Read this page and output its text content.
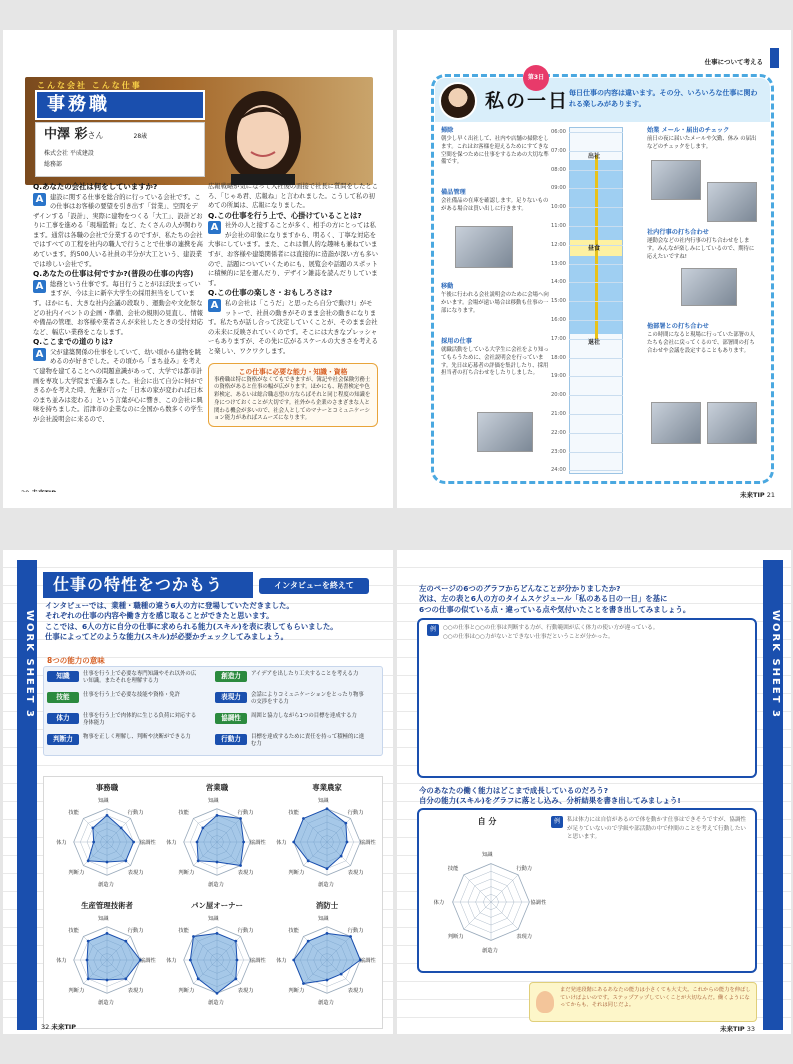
こんな会社 こんな仕事
事務職
中澤 彩さん	28歳
株式会社 平成建設
総務部
Q.あなたの会社は何をしていますか?
A	建設に関する仕事を総合的に行っている会社です。この仕事はお客様の要望を引き出す「営業」、空間をデザインする「設計」、実際に建物をつくる「大工」、設計どおりに工事を進める「現場監督」など、たくさんの人が関わります。通常は各職の会社で分業するのですが、私たちの会社ではすべての工程を社内の職人で行うことで仕事の連携を高めています。約500人いる社員の半分が大工という、建設業では珍しい会社です。
Q.あなたの仕事は何ですか?(普段の仕事の内容)
A	総務という仕事です。毎日行うことがほぼ決まっていますが、今は主に新卒大学生の採用担当をしています。ほかにも、大きな社内会議の段取り、運動会や文化祭などの社内イベントの企画・準備、会社の規則の見直し、情報や備品の管理、お客様や業者さんが来社したときの受付対応など、幅広い業務をこなします。
Q.ここまでの道のりは?
A	父が建築関係の仕事をしていて、幼い頃から建物を眺めるのが好きでした。その頃から「まち並み」を考えて建物を建てることへの問題意識があって、大学では都市計画を専攻し大学院まで進みました。社会に出て自分に何ができるかを考えた時、先輩が言った「日本の家が変われば日本のまち並みは変わる」という言葉が心に響き、この会社に興味を持ちました。沼津市の企業なのに全国から数多くの学生が会社説明会に来るので、
広報戦略が気になって入社後の面接で社長に質問をしたところ、「じゃあ君、広報ね」と言われました。こうして私の初めての所属は、広報になりました。
Q.この仕事を行う上で、心掛けていることは?
A	社外の人と接することが多く、相手の方にとっては私が会社の印象になりますから、明るく、丁寧な対応を大事にしています。また、これは個人的な趣味も兼ねていますが、お客様や建築関係者には直接的に造詣が深い方も多いので、話題についていくためにも、展覧会や話題のスポットに積極的に足を運んだり、デザイン雑誌を読んだりしています。
Q.この仕事の楽しさ・おもしろさは?
A	私の会社は「こうだ」と思ったら自分で動け!」がモットーで、社員の動きがそのまま会社の動きになります。私たちが話し合って決定していくことが、そのまま会社の未来に反映されていくのです。そこには大きなプレッシャーもありますが、その先に広がるスケールの大きさを考えると楽しい、ワクワクします。
この仕事に必要な能力・知識・資格
事務職は特に資格がなくてもできますが、簿記や社会保険労務士の資格があると仕事の幅が広がります。ほかにも、秘書検定や色彩検定、あるいは総合職志望の方ならばそれと同じ程度の知識を身につけておくことが大切です。社外から企業のさまざまな人と関わる機会が多いので、社会人としてのマナーとコミュニケーション能力があればスムーズになります。
仕事について考える
第3日
私の一日 毎日仕事の内容は違います。その分、いろいろな仕事に関われる楽しみがあります。
06:00
07:00
08:00
09:00
10:00
11:00
12:00
13:00
14:00
15:00
16:00
17:00
18:00
19:00
20:00
21:00
22:00
23:00
24:00
出社
昼食
退社
掃除
朝少し早く出社して、社内や店舗の掃除をします。これはお客様を迎えるためにすてきな空間を保つために仕事をするための大切な準備です。
備品管理
会社備品の在庫を確認します。足りないものがある場合は買い出しに行きます。
移動
午後に行われる会社説明会のために会場へ向かいます。会場が遠い場合は移動も仕事の一部になります。
採用の仕事
就職活動をしている大学生に会社をより知ってもらうために、会社説明会を行っています。先日は応募者の評価を集計したり、採用担当者の打ち合わせをしたりしました。
始業 メール・届出のチェック
前日の夜に届いたメールや欠勤、休み の届出などのチェックをします。
社内行事の打ち合わせ
運動会などの社内行事の打ち合わせをします。みんなが楽しみにしているので、期待に応えたいですね!
他部署との打ち合わせ
この時間になると現場に行っていた部署の人たちも会社に戻ってくるので、部署間の打ち合わせや会議を設定することもあります。
未来TIP 21
WORK SHEET 3
仕事の特性をつかもう	インタビューを終えて
インタビューでは、業種・職種の違う6人の方に登場していただきました。
それぞれの仕事の内容や働き方を感じ取ることができたと思います。
ここでは、6人の方に自分の仕事に求められる能力(スキル)を表に表してもらいました。
仕事によってどのような能力(スキル)が必要かチェックしてみましょう。
8つの能力の意味
知識 仕事を行う上で必要な専門知識やそれ以外の広い知識。またそれを理解する力
技能 仕事を行う上で必要な技能や資格・免許
体力 仕事を行う上で肉体的に生じる負荷に対応する身体能力
判断力 物事を正しく理解し、判断や決断ができる力
創造力 アイデアを出したり工夫することを考える力
表現力 会話によりコミュニケーションをとったり物事の交渉をする力
協調性 周囲と協力しながら1つの目標を達成する力
行動力 目標を達成するために責任を持って積極的に進む力
知識
行動力
協調性
表現力
創造力
判断力
体力
技能
事務職
知識
行動力
協調性
表現力
創造力
判断力
体力
技能
営業職
知識
行動力
協調性
表現力
創造力
判断力
体力
技能
専業農家
知識
行動力
協調性
表現力
創造力
判断力
体力
技能
生産管理技術者
知識
行動力
協調性
表現力
創造力
判断力
体力
技能
パン屋オーナー
知識
行動力
協調性
表現力
創造力
判断力
体力
技能
消防士
32 未来TIP
WORK SHEET 3
左のページの6つのグラフからどんなことが分かりましたか?
次は、左の表と6人の方のタイムスケジュール「私のある日の一日」を基に
6つの仕事の似ている点・違っている点や気付いたことを書き出してみましょう。
例	○○の仕事と○○の仕事は判断する力が、行動範囲が広く体力の使い方が違っている。
○○の仕事は○○力がないとできない仕事だということが分かった。
今のあなたの働く能力はどこまで成長しているのだろう?
自分の能力(スキル)をグラフに落とし込み、分析結果を書き出してみましょう!
例	私は体力には自信があるので体を動かす仕事はできそうですが、協調性が足りていないので学級や部活動の中で仲間のことを考えて行動したいと思います。
自 分
知識
行動力
協調性
表現力
創造力
判断力
体力
技能
まだ発達段階にあるあなたの能力は小さくても大丈夫。これからの能力を伸ばしていけばよいのです。ステップアップしていくことが大切なんだ。働くようになってからも、それは同じだよ。
未来TIP 33
